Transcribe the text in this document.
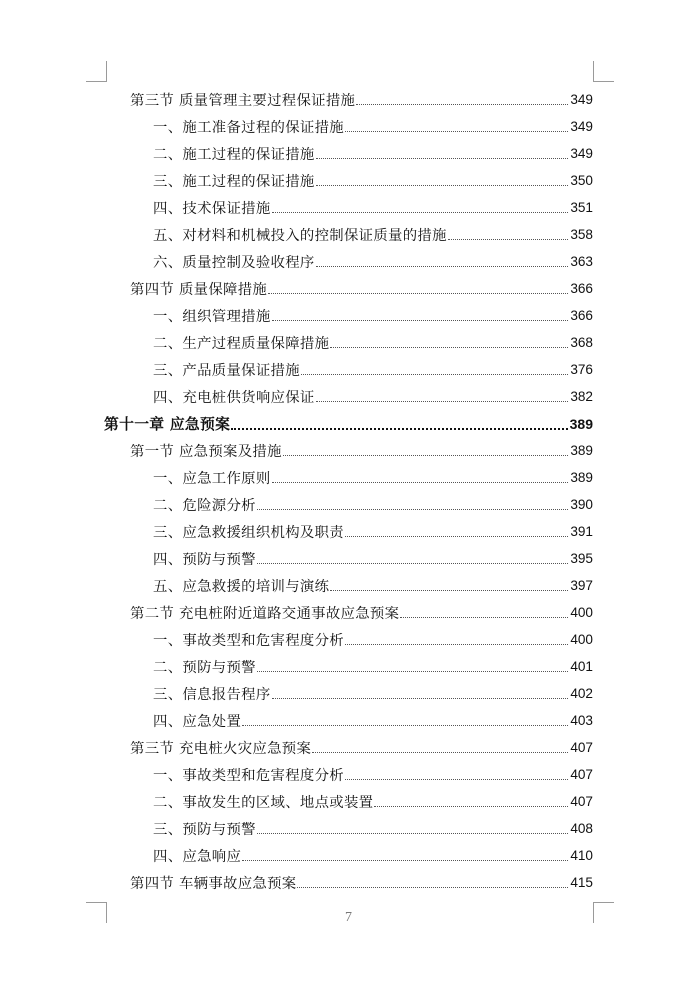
第三节 质量管理主要过程保证措施	349
一、施工准备过程的保证措施	349
二、施工过程的保证措施	349
三、施工过程的保证措施	350
四、技术保证措施	351
五、对材料和机械投入的控制保证质量的措施	358
六、质量控制及验收程序	363
第四节 质量保障措施	366
一、组织管理措施	366
二、生产过程质量保障措施	368
三、产品质量保证措施	376
四、充电桩供货响应保证	382
第十一章 应急预案	389
第一节 应急预案及措施	389
一、应急工作原则	389
二、危险源分析	390
三、应急救援组织机构及职责	391
四、预防与预警	395
五、应急救援的培训与演练	397
第二节 充电桩附近道路交通事故应急预案	400
一、事故类型和危害程度分析	400
二、预防与预警	401
三、信息报告程序	402
四、应急处置	403
第三节 充电桩火灾应急预案	407
一、事故类型和危害程度分析	407
二、事故发生的区域、地点或装置	407
三、预防与预警	408
四、应急响应	410
第四节 车辆事故应急预案	415
7
